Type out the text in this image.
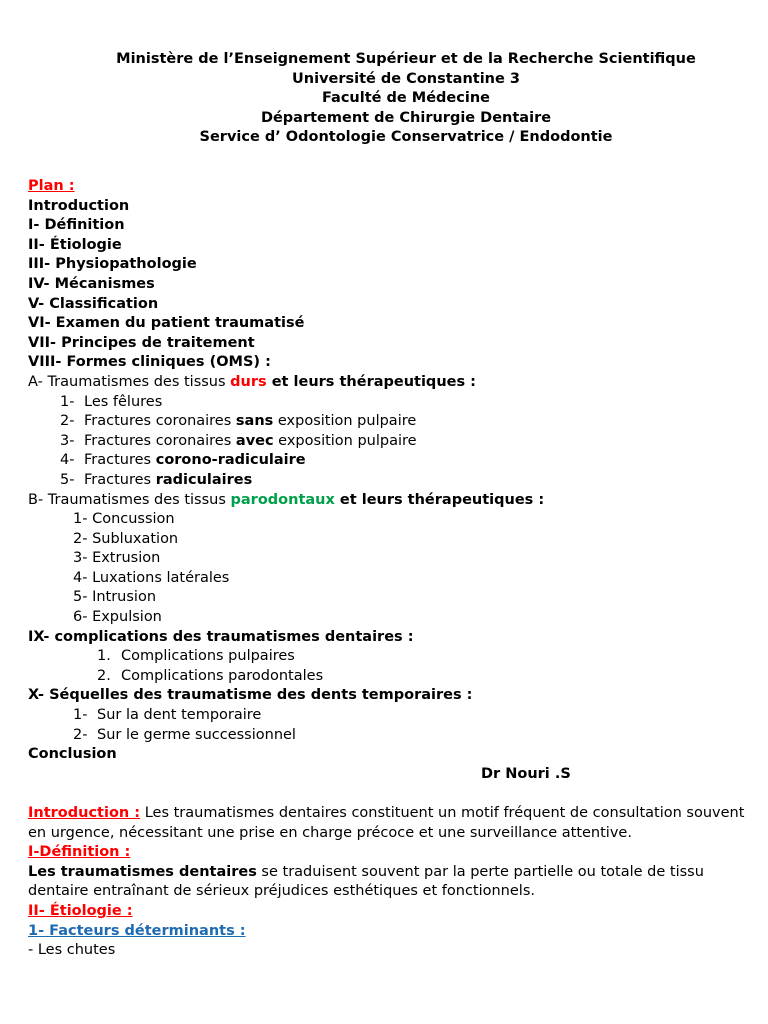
Ministère de l’Enseignement Supérieur et de la Recherche Scientifique
Université de Constantine 3
Faculté de Médecine
Département de Chirurgie Dentaire
Service d’ Odontologie Conservatrice / Endodontie
Plan :
Introduction
I- Définition
II- Étiologie
III- Physiopathologie
IV- Mécanismes
V- Classification
VI- Examen du patient traumatisé
VII- Principes de traitement
VIII- Formes cliniques (OMS) :
A- Traumatismes des tissus durs et leurs thérapeutiques :
1- Les fêlures
2- Fractures coronaires sans exposition pulpaire
3- Fractures coronaires avec exposition pulpaire
4- Fractures corono-radiculaire
5- Fractures radiculaires
B- Traumatismes des tissus parodontaux et leurs thérapeutiques :
1- Concussion
2- Subluxation
3- Extrusion
4- Luxations latérales
5- Intrusion
6- Expulsion
IX- complications des traumatismes dentaires :
1. Complications pulpaires
2. Complications parodontales
X- Séquelles des traumatisme des dents temporaires :
1- Sur la dent temporaire
2- Sur le germe successionnel
Conclusion
Dr Nouri .S
Introduction : Les traumatismes dentaires constituent un motif fréquent de consultation souvent en urgence, nécessitant une prise en charge précoce et une surveillance attentive.
I-Définition :
Les traumatismes dentaires se traduisent souvent par la perte partielle ou totale de tissu dentaire entraînant de sérieux préjudices esthétiques et fonctionnels.
II- Étiologie :
1- Facteurs déterminants :
- Les chutes
